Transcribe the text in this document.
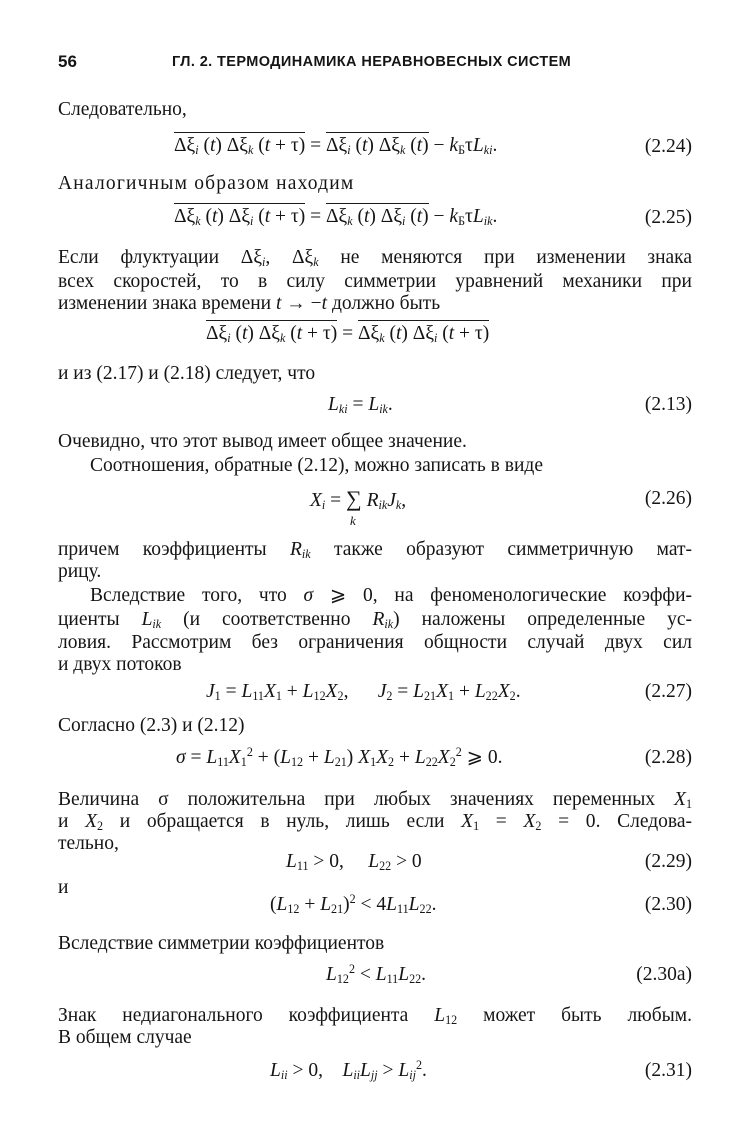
56	ГЛ. 2. ТЕРМОДИНАМИКА НЕРАВНОВЕСНЫХ СИСТЕМ
Следовательно,
$\Delta\xi_i$ (t) $\Delta\xi_k$ $(t + \tau) = \Delta\xi_i$ (t) $\Delta\xi_k$ $(t) - k_Б\tau L_{ki}$.	(2.24)
Аналогичным образом находим
$\Delta\xi_k$ (t) $\Delta\xi_i$ $(t + \tau) = \Delta\xi_k$ (t) $\Delta\xi_i$ $(t) - k_Б\tau L_{ik}$.	(2.25)
Если флуктуации $\Delta\xi_i$, $\Delta\xi_k$ не меняются при изменении знака
всех скоростей, то в силу симметрии уравнений механики при
изменении знака времени t → −t должно быть
$\Delta\xi_i$ (t) $\Delta\xi_k$ $(t + \tau) = \Delta\xi_k$ (t) $\Delta\xi_i$ (t + τ)
и из (2.17) и (2.18) следует, что
$L_{ki} = L_{ik}$.	(2.13)
Очевидно, что этот вывод имеет общее значение.
Соотношения, обратные (2.12), можно записать в виде
$X_i$ = ∑
k
$R_{ik}J_k$,	(2.26)
причем коэффициенты $R_{ik}$ также образуют симметричную мат-
рицу.
Вследствие того, что σ ⩾ 0, на феноменологические коэффи-
циенты $L_{ik}$ (и соответственно $R_{ik}$) наложены определенные ус-
ловия. Рассмотрим без ограничения общности случай двух сил
и двух потоков
$J_1 = L_{11}X_1 + L_{12}X_2$,      $J_2 = L_{21}X_1 + L_{22}X_2$.	(2.27)
Согласно (2.3) и (2.12)
$\sigma = L_{11}X_1^2 + (L_{12} + L_{21}) X_1X_2 + L_{22}X_2^2$ ⩾ 0.	(2.28)
Величина σ положительна при любых значениях переменных $X_1$
и $X_2$ и обращается в нуль, лишь если $X_1 = X_2 = 0$. Следова-
тельно,
$L_{11} > 0$,     $L_{22} > 0$	(2.29)
и
$(L_{12} + L_{21})^2 < 4L_{11}L_{22}$.	(2.30)
Вследствие симметрии коэффициентов
$L_{12}^2 < L_{11}L_{22}$.	(2.30a)
Знак недиагонального коэффициента $L_{12}$ может быть любым.
В общем случае
$L_{ii} > 0$,    $L_{ii}L_{jj} > L_{ij}^2$.	(2.31)
